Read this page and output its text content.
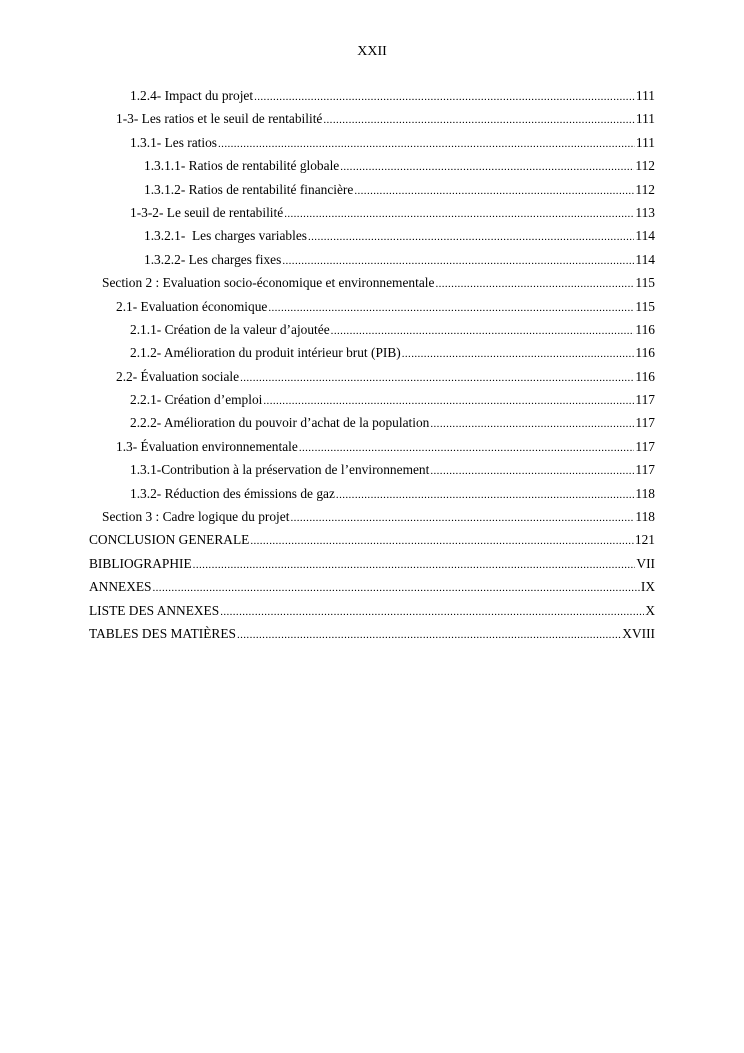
XXII
1.2.4- Impact du projet .....	111
1-3- Les ratios et le seuil de rentabilité .....	111
1.3.1- Les ratios .....	111
1.3.1.1- Ratios de rentabilité globale .....	112
1.3.1.2- Ratios de rentabilité financière .....	112
1-3-2- Le seuil de rentabilité .....	113
1.3.2.1-  Les charges variables .....	114
1.3.2.2- Les charges fixes .....	114
Section 2 : Evaluation socio-économique et environnementale .....	115
2.1- Evaluation économique .....	115
2.1.1- Création de la valeur d’ajoutée .....	116
2.1.2- Amélioration du produit intérieur brut (PIB) .....	116
2.2- Évaluation sociale .....	116
2.2.1- Création d’emploi .....	117
2.2.2- Amélioration du pouvoir d’achat de la population .....	117
1.3- Évaluation environnementale .....	117
1.3.1-Contribution à la préservation de l’environnement .....	117
1.3.2- Réduction des émissions de gaz .....	118
Section 3 : Cadre logique du projet .....	118
CONCLUSION GENERALE .....	121
BIBLIOGRAPHIE .....	VII
ANNEXES .....	IX
LISTE DES ANNEXES .....	X
TABLES DES MATIÈRES .....	XVIII
